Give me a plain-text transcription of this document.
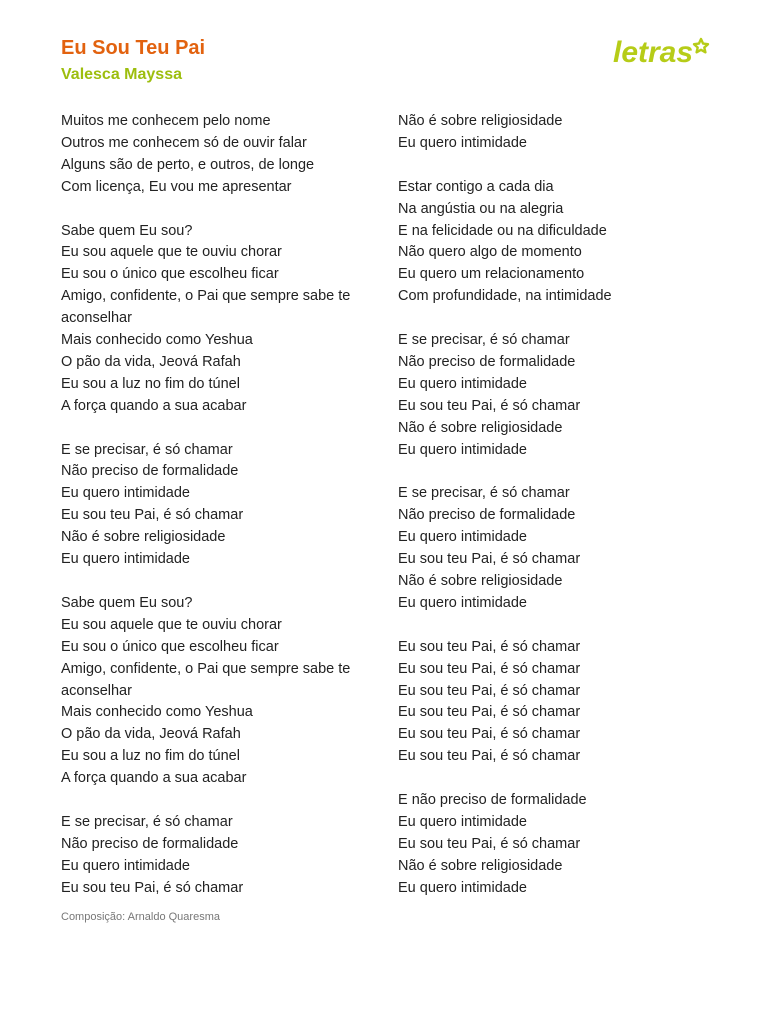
Eu Sou Teu Pai
Valesca Mayssa
letras
Muitos me conhecem pelo nome
Outros me conhecem só de ouvir falar
Alguns são de perto, e outros, de longe
Com licença, Eu vou me apresentar
Sabe quem Eu sou?
Eu sou aquele que te ouviu chorar
Eu sou o único que escolheu ficar
Amigo, confidente, o Pai que sempre sabe te aconselhar
Mais conhecido como Yeshua
O pão da vida, Jeová Rafah
Eu sou a luz no fim do túnel
A força quando a sua acabar
E se precisar, é só chamar
Não preciso de formalidade
Eu quero intimidade
Eu sou teu Pai, é só chamar
Não é sobre religiosidade
Eu quero intimidade
Sabe quem Eu sou?
Eu sou aquele que te ouviu chorar
Eu sou o único que escolheu ficar
Amigo, confidente, o Pai que sempre sabe te aconselhar
Mais conhecido como Yeshua
O pão da vida, Jeová Rafah
Eu sou a luz no fim do túnel
A força quando a sua acabar
E se precisar, é só chamar
Não preciso de formalidade
Eu quero intimidade
Eu sou teu Pai, é só chamar
Não é sobre religiosidade
Eu quero intimidade
Estar contigo a cada dia
Na angústia ou na alegria
E na felicidade ou na dificuldade
Não quero algo de momento
Eu quero um relacionamento
Com profundidade, na intimidade
E se precisar, é só chamar
Não preciso de formalidade
Eu quero intimidade
Eu sou teu Pai, é só chamar
Não é sobre religiosidade
Eu quero intimidade
E se precisar, é só chamar
Não preciso de formalidade
Eu quero intimidade
Eu sou teu Pai, é só chamar
Não é sobre religiosidade
Eu quero intimidade
Eu sou teu Pai, é só chamar
Eu sou teu Pai, é só chamar
Eu sou teu Pai, é só chamar
Eu sou teu Pai, é só chamar
Eu sou teu Pai, é só chamar
Eu sou teu Pai, é só chamar
E não preciso de formalidade
Eu quero intimidade
Eu sou teu Pai, é só chamar
Não é sobre religiosidade
Eu quero intimidade
Composição: Arnaldo Quaresma
